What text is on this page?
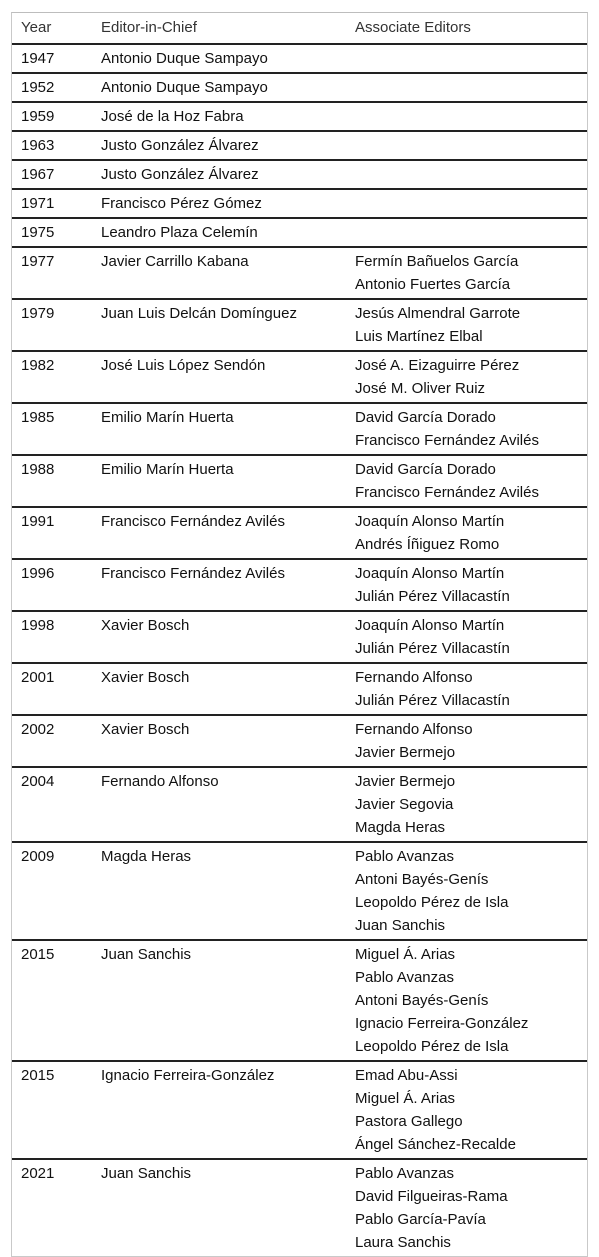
Year	Editor-in-Chief	Associate Editors
1947	Antonio Duque Sampayo
1952	Antonio Duque Sampayo
1959	José de la Hoz Fabra
1963	Justo González Álvarez
1967	Justo González Álvarez
1971	Francisco Pérez Gómez
1975	Leandro Plaza Celemín
1977	Javier Carrillo Kabana	Fermín Bañuelos García
Antonio Fuertes García
1979	Juan Luis Delcán Domínguez	Jesús Almendral Garrote
Luis Martínez Elbal
1982	José Luis López Sendón	José A. Eizaguirre Pérez
José M. Oliver Ruiz
1985	Emilio Marín Huerta	David García Dorado
Francisco Fernández Avilés
1988	Emilio Marín Huerta	David García Dorado
Francisco Fernández Avilés
1991	Francisco Fernández Avilés	Joaquín Alonso Martín
Andrés Íñiguez Romo
1996	Francisco Fernández Avilés	Joaquín Alonso Martín
Julián Pérez Villacastín
1998	Xavier Bosch	Joaquín Alonso Martín
Julián Pérez Villacastín
2001	Xavier Bosch	Fernando Alfonso
Julián Pérez Villacastín
2002	Xavier Bosch	Fernando Alfonso
Javier Bermejo
2004	Fernando Alfonso	Javier Bermejo
Javier Segovia
Magda Heras
2009	Magda Heras	Pablo Avanzas
Antoni Bayés-Genís
Leopoldo Pérez de Isla
Juan Sanchis
2015	Juan Sanchis	Miguel Á. Arias
Pablo Avanzas
Antoni Bayés-Genís
Ignacio Ferreira-González
Leopoldo Pérez de Isla
2015	Ignacio Ferreira-González	Emad Abu-Assi
Miguel Á. Arias
Pastora Gallego
Ángel Sánchez-Recalde
2021	Juan Sanchis	Pablo Avanzas
David Filgueiras-Rama
Pablo García-Pavía
Laura Sanchis
